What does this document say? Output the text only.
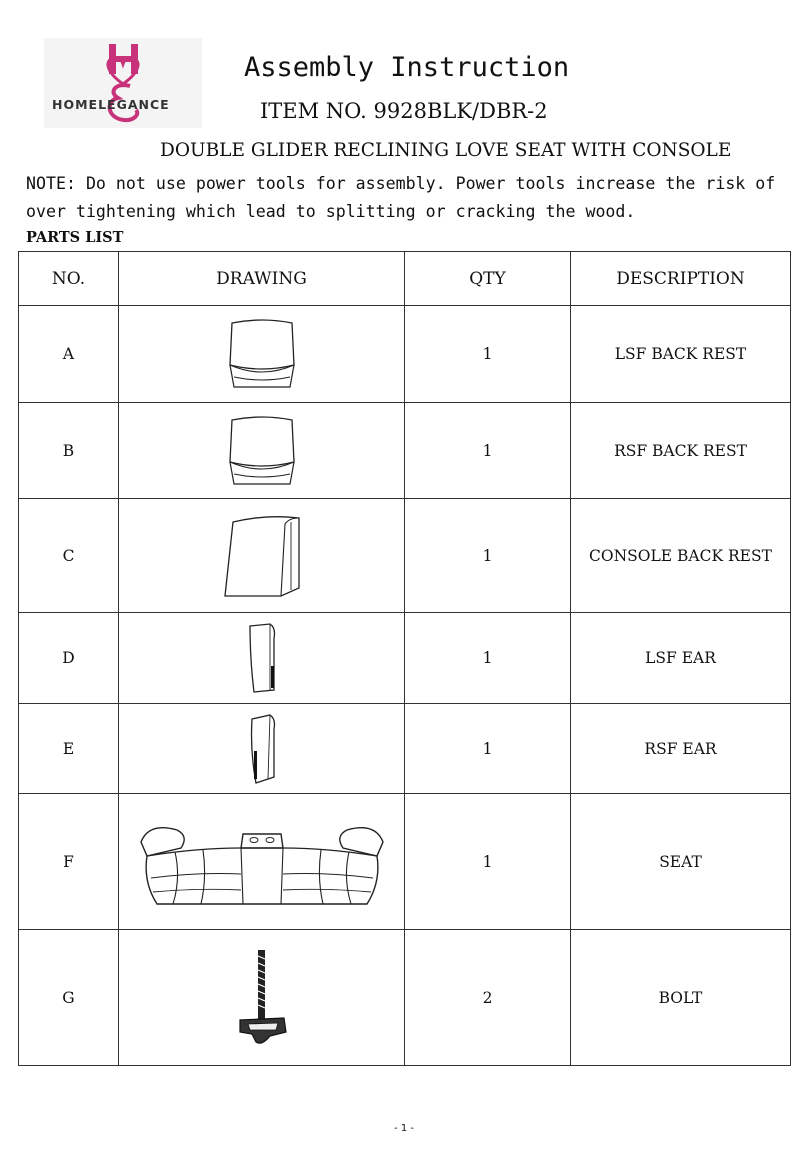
HOMELEGANCE
Assembly Instruction
ITEM NO. 9928BLK/DBR-2
DOUBLE GLIDER RECLINING LOVE SEAT WITH CONSOLE
NOTE: Do not use power tools for assembly. Power tools increase the risk of over tightening which lead to splitting or cracking the wood.
PARTS LIST
NO.	DRAWING	QTY	DESCRIPTION
A		1	LSF BACK REST
B		1	RSF BACK REST
C		1	CONSOLE BACK REST
D		1	LSF EAR
E		1	RSF EAR
F		1	SEAT
G		2	BOLT
- 1 -
